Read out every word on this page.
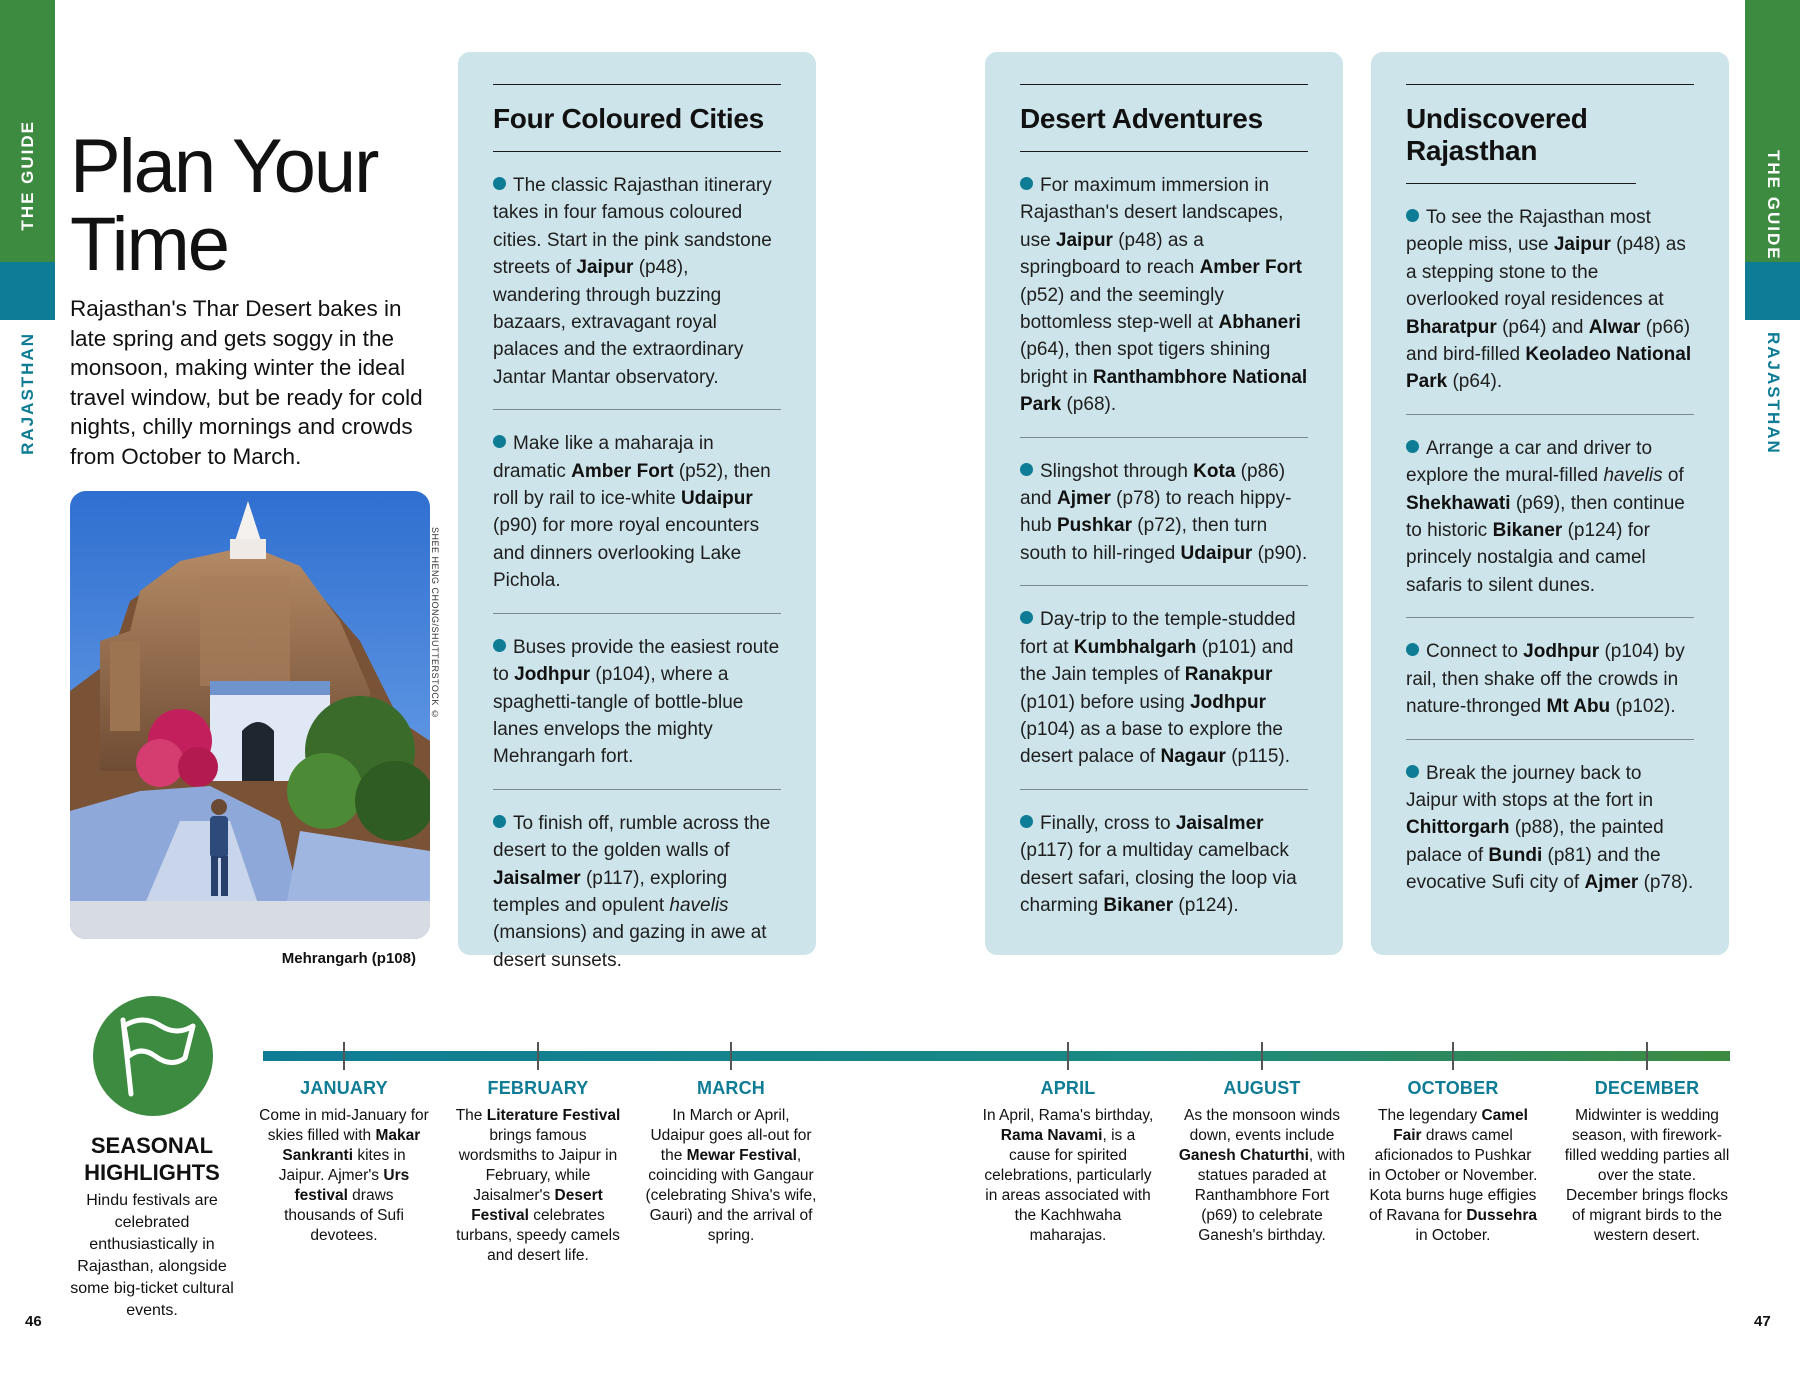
THE GUIDE
RAJASTHAN
THE GUIDE
RAJASTHAN
Plan Your
Time

Rajasthan's Thar Desert bakes in late spring and gets soggy in the monsoon, making winter the ideal travel window, but be ready for cold nights, chilly mornings and crowds from October to March.

SHEE HENG CHONG/SHUTTERSTOCK ©
Mehrangarh (p108)
Four Coloured Cities
The classic Rajasthan itinerary takes in four famous coloured cities. Start in the pink sandstone streets of Jaipur (p48), wandering through buzzing bazaars, extravagant royal palaces and the extraordinary Jantar Mantar observatory.
Make like a maharaja in dramatic Amber Fort (p52), then roll by rail to ice-white Udaipur (p90) for more royal encounters and dinners overlooking Lake Pichola.
Buses provide the easiest route to Jodhpur (p104), where a spaghetti-tangle of bottle-blue lanes envelops the mighty Mehrangarh fort.
To finish off, rumble across the desert to the golden walls of Jaisalmer (p117), exploring temples and opulent havelis (mansions) and gazing in awe at desert sunsets.
Desert Adventures
For maximum immersion in Rajasthan's desert landscapes, use Jaipur (p48) as a springboard to reach Amber Fort (p52) and the seemingly bottomless step-well at Abhaneri (p64), then spot tigers shining bright in Ranthambhore National Park (p68).
Slingshot through Kota (p86) and Ajmer (p78) to reach hippy-hub Pushkar (p72), then turn south to hill-ringed Udaipur (p90).
Day-trip to the temple-studded fort at Kumbhalgarh (p101) and the Jain temples of Ranakpur (p101) before using Jodhpur (p104) as a base to explore the desert palace of Nagaur (p115).
Finally, cross to Jaisalmer (p117) for a multiday camelback desert safari, closing the loop via charming Bikaner (p124).
Undiscovered Rajasthan
To see the Rajasthan most people miss, use Jaipur (p48) as a stepping stone to the overlooked royal residences at Bharatpur (p64) and Alwar (p66) and bird-filled Keoladeo National Park (p64).
Arrange a car and driver to explore the mural-filled havelis of Shekhawati (p69), then continue to historic Bikaner (p124) for princely nostalgia and camel safaris to silent dunes.
Connect to Jodhpur (p104) by rail, then shake off the crowds in nature-thronged Mt Abu (p102).
Break the journey back to Jaipur with stops at the fort in Chittorgarh (p88), the painted palace of Bundi (p81) and the evocative Sufi city of Ajmer (p78).
SEASONAL
HIGHLIGHTS
Hindu festivals are celebrated enthusiastically in Rajasthan, alongside some big-ticket cultural events.
JANUARY
Come in mid-January for skies filled with Makar Sankranti kites in Jaipur. Ajmer's Urs festival draws thousands of Sufi devotees.
FEBRUARY
The Literature Festival brings famous wordsmiths to Jaipur in February, while Jaisalmer's Desert Festival celebrates turbans, speedy camels and desert life.
MARCH
In March or April, Udaipur goes all-out for the Mewar Festival, coinciding with Gangaur (celebrating Shiva's wife, Gauri) and the arrival of spring.
APRIL
In April, Rama's birthday, Rama Navami, is a cause for spirited celebrations, particularly in areas associated with the Kachhwaha maharajas.
AUGUST
As the monsoon winds down, events include Ganesh Chaturthi, with statues paraded at Ranthambhore Fort (p69) to celebrate Ganesh's birthday.
OCTOBER
The legendary Camel Fair draws camel aficionados to Pushkar in October or November. Kota burns huge effigies of Ravana for Dussehra in October.
DECEMBER
Midwinter is wedding season, with firework-filled wedding parties all over the state. December brings flocks of migrant birds to the western desert.
46	47
